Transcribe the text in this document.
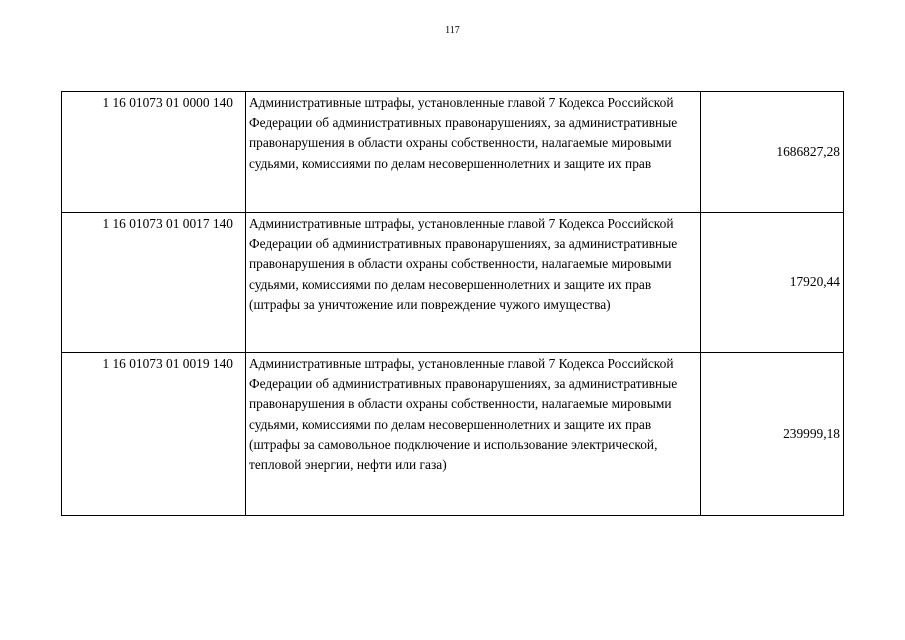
117
1 16 01073 01 0000 140	Административные штрафы, установленные главой 7 Кодекса Российской Федерации об административных правонарушениях, за административные правонарушения в области охраны собственности, налагаемые мировыми судьями, комиссиями по делам несовершеннолетних и защите их прав	1686827,28
1 16 01073 01 0017 140	Административные штрафы, установленные главой 7 Кодекса Российской Федерации об административных правонарушениях, за административные правонарушения в области охраны собственности, налагаемые мировыми судьями, комиссиями по делам несовершеннолетних и защите их прав (штрафы за уничтожение или повреждение чужого имущества)	17920,44
1 16 01073 01 0019 140	Административные штрафы, установленные главой 7 Кодекса Российской Федерации об административных правонарушениях, за административные правонарушения в области охраны собственности, налагаемые мировыми судьями, комиссиями по делам несовершеннолетних и защите их прав (штрафы за самовольное подключение и использование электрической, тепловой энергии, нефти или газа)	239999,18
